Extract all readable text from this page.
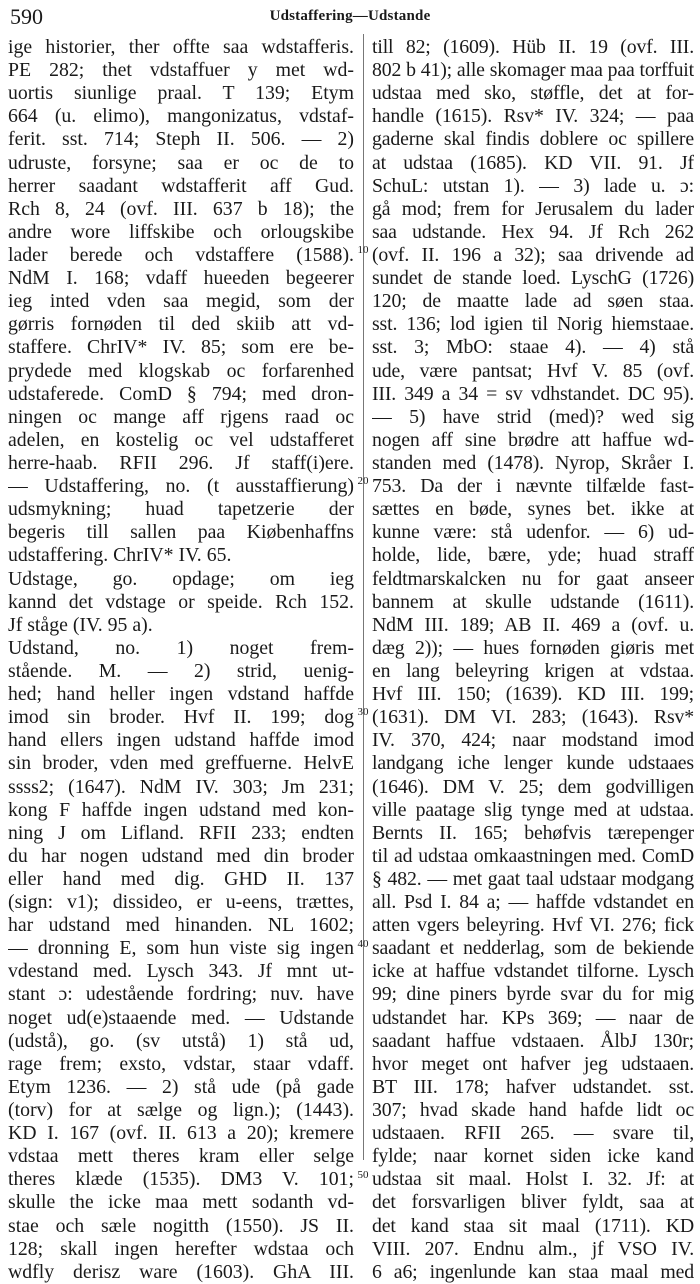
590	Udstaffering—Udstande
ige historier, ther offte saa wdstafferis.
PE 282; thet vdstaffuer y met wd-
uortis siunlige praal. T 139; Etym
664 (u. elimo), mangonizatus, vdstaf-
ferit. sst. 714; Steph II. 506. — 2)
udruste, forsyne; saa er oc de to
herrer saadant wdstafferit aff Gud.
Rch 8, 24 (ovf. III. 637 b 18); the
andre wore liffskibe och orlougskibe
lader berede och vdstaffere (1588).
NdM I. 168; vdaff hueeden begeerer
ieg inted vden saa megid, som der
gørris fornøden til ded skiib att vd-
staffere. ChrIV* IV. 85; som ere be-
prydede med klogskab oc forfarenhed
udstaferede. ComD § 794; med dron-
ningen oc mange aff rjgens raad oc
adelen, en kostelig oc vel udstafferet
herre-haab. RFII 296. Jf staff(i)ere.
— Udstaffering, no. (t ausstaffierung)
udsmykning; huad tapetzerie der
begeris till sallen paa Kiøbenhaffns
udstaffering. ChrIV* IV. 65.
Udstage, go. opdage; om ieg
kannd det vdstage or speide. Rch 152.
Jf ståge (IV. 95 a).
Udstand, no. 1) noget frem-
stående. M. — 2) strid, uenig-
hed; hand heller ingen vdstand haffde
imod sin broder. Hvf II. 199; dog
hand ellers ingen udstand haffde imod
sin broder, vden med greffuerne. HelvE
ssss2; (1647). NdM IV. 303; Jm 231;
kong F haffde ingen udstand med kon-
ning J om Lifland. RFII 233; endten
du har nogen udstand med din broder
eller hand med dig. GHD II. 137
(sign: v1); dissideo, er u-eens, trættes,
har udstand med hinanden. NL 1602;
— dronning E, som hun viste sig ingen
vdestand med. Lysch 343. Jf mnt ut-
stant ɔ: udestående fordring; nuv. have
noget ud(e)staaende med. — Udstande
(udstå), go. (sv utstå) 1) stå ud,
rage frem; exsto, vdstar, staar vdaff.
Etym 1236. — 2) stå ude (på gade
(torv) for at sælge og lign.); (1443).
KD I. 167 (ovf. II. 613 a 20); kremere
vdstaa mett theres kram eller selge
theres klæde (1535). DM3 V. 101;
skulle the icke maa mett sodanth vd-
stae och sæle nogitth (1550). JS II.
128; skall ingen herefter wdstaa och
wdfly derisz ware (1603). GhA III.
till 82; (1609). Hüb II. 19 (ovf. III.
802 b 41); alle skomager maa paa torffuit
udstaa med sko, støffle, det at for-
handle (1615). Rsv* IV. 324; — paa
gaderne skal findis doblere oc spillere
at udstaa (1685). KD VII. 91. Jf
SchuL: utstan 1). — 3) lade u. ɔ:
gå mod; frem for Jerusalem du lader
saa udstande. Hex 94. Jf Rch 262
(ovf. II. 196 a 32); saa drivende ad
sundet de stande loed. LyschG (1726)
120; de maatte lade ad søen staa.
sst. 136; lod igien til Norig hiemstaae.
sst. 3; MbO: staae 4). — 4) stå
ude, være pantsat; Hvf V. 85 (ovf.
III. 349 a 34 = sv vdhstandet. DC 95).
— 5) have strid (med)? wed sig
nogen aff sine brødre att haffue wd-
standen med (1478). Nyrop, Skråer I.
753. Da der i nævnte tilfælde fast-
sættes en bøde, synes bet. ikke at
kunne være: stå udenfor. — 6) ud-
holde, lide, bære, yde; huad straff
feldtmarskalcken nu for gaat anseer
bannem at skulle udstande (1611).
NdM III. 189; AB II. 469 a (ovf. u.
dæg 2)); — hues fornøden giøris met
en lang beleyring krigen at vdstaa.
Hvf III. 150; (1639). KD III. 199;
(1631). DM VI. 283; (1643). Rsv*
IV. 370, 424; naar modstand imod
landgang iche lenger kunde udstaaes
(1646). DM V. 25; dem godvilligen
ville paatage slig tynge med at udstaa.
Bernts II. 165; behøfvis tærepenger
til ad udstaa omkaastningen med. ComD
§ 482. — met gaat taal udstaar modgang
all. Psd I. 84 a; — haffde vdstandet en
atten vgers beleyring. Hvf VI. 276; fick
saadant et nedderlag, som de bekiende
icke at haffue vdstandet tilforne. Lysch
99; dine piners byrde svar du for mig
udstandet har. KPs 369; — naar de
saadant haffue vdstaaen. ÅlbJ 130r;
hvor meget ont hafver jeg udstaaen.
BT III. 178; hafver udstandet. sst.
307; hvad skade hand hafde lidt oc
udstaaen. RFII 265. — svare til,
fylde; naar kornet siden icke kand
udstaa sit maal. Holst I. 32. Jf: at
det forsvarligen bliver fyldt, saa at
det kand staa sit maal (1711). KD
VIII. 207. Endnu alm., jf VSO IV.
6 a6; ingenlunde kan staa maal med
10
20
30
40
50
